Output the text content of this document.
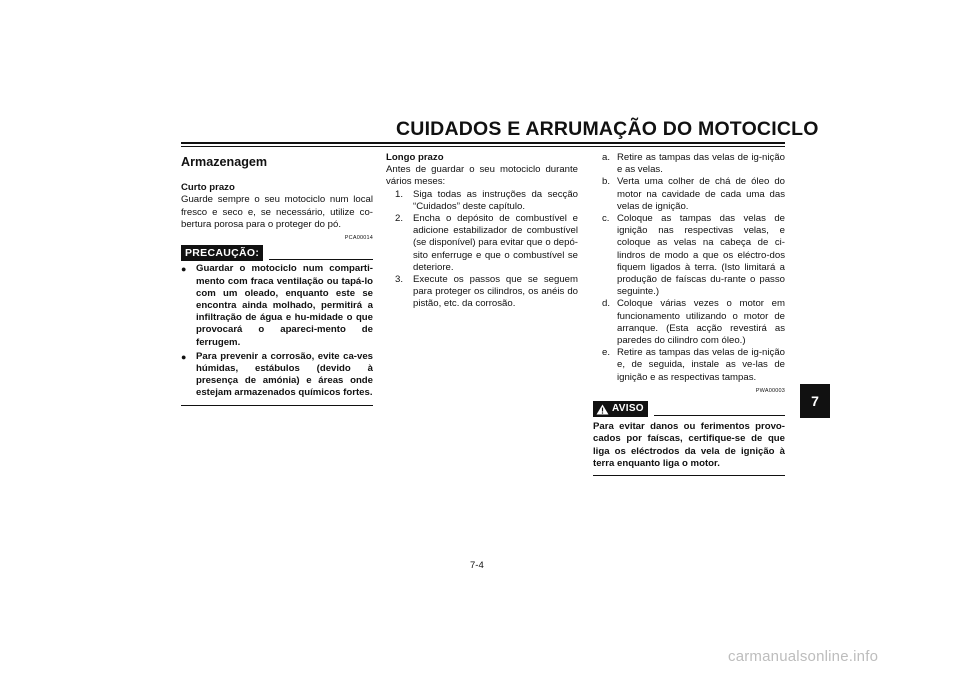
CUIDADOS E ARRUMAÇÃO DO MOTOCICLO
7
Armazenagem
Curto prazo
Guarde sempre o seu motociclo num local fresco e seco e, se necessário, utilize co-bertura porosa para o proteger do pó.
PCA00014
PRECAUÇÃO:
● Guardar o motociclo num comparti-mento com fraca ventilação ou tapá-lo com um oleado, enquanto este se encontra ainda molhado, permitirá a infiltração de água e hu-midade o que provocará o apareci-mento de ferrugem.
● Para prevenir a corrosão, evite ca-ves húmidas, estábulos (devido à presença de amónia) e áreas onde estejam armazenados químicos fortes.
Longo prazo
Antes de guardar o seu motociclo durante vários meses:
1.	Siga todas as instruções da secção “Cuidados” deste capítulo.
2.	Encha o depósito de combustível e adicione estabilizador de combustível (se disponível) para evitar que o depó-sito enferruge e que o combustível se deteriore.
3.	Execute os passos que se seguem para proteger os cilindros, os anéis do pistão, etc. da corrosão.
a. Retire as tampas das velas de ig-nição e as velas.
b. Verta uma colher de chá de óleo do motor na cavidade de cada uma das velas de ignição.
c. Coloque as tampas das velas de ignição nas respectivas velas, e coloque as velas na cabeça de ci-lindros de modo a que os eléctro-dos fiquem ligados à terra. (Isto limitará a produção de faíscas du-rante o passo seguinte.)
d. Coloque várias vezes o motor em funcionamento utilizando o motor de arranque. (Esta acção revestirá as paredes do cilindro com óleo.)
e. Retire as tampas das velas de ig-nição e, de seguida, instale as ve-las de ignição e as respectivas tampas.
PWA00003
AVISO
Para evitar danos ou ferimentos provo-cados por faíscas, certifique-se de que liga os eléctrodos da vela de ignição à terra enquanto liga o motor.
7-4
carmanualsonline.info
